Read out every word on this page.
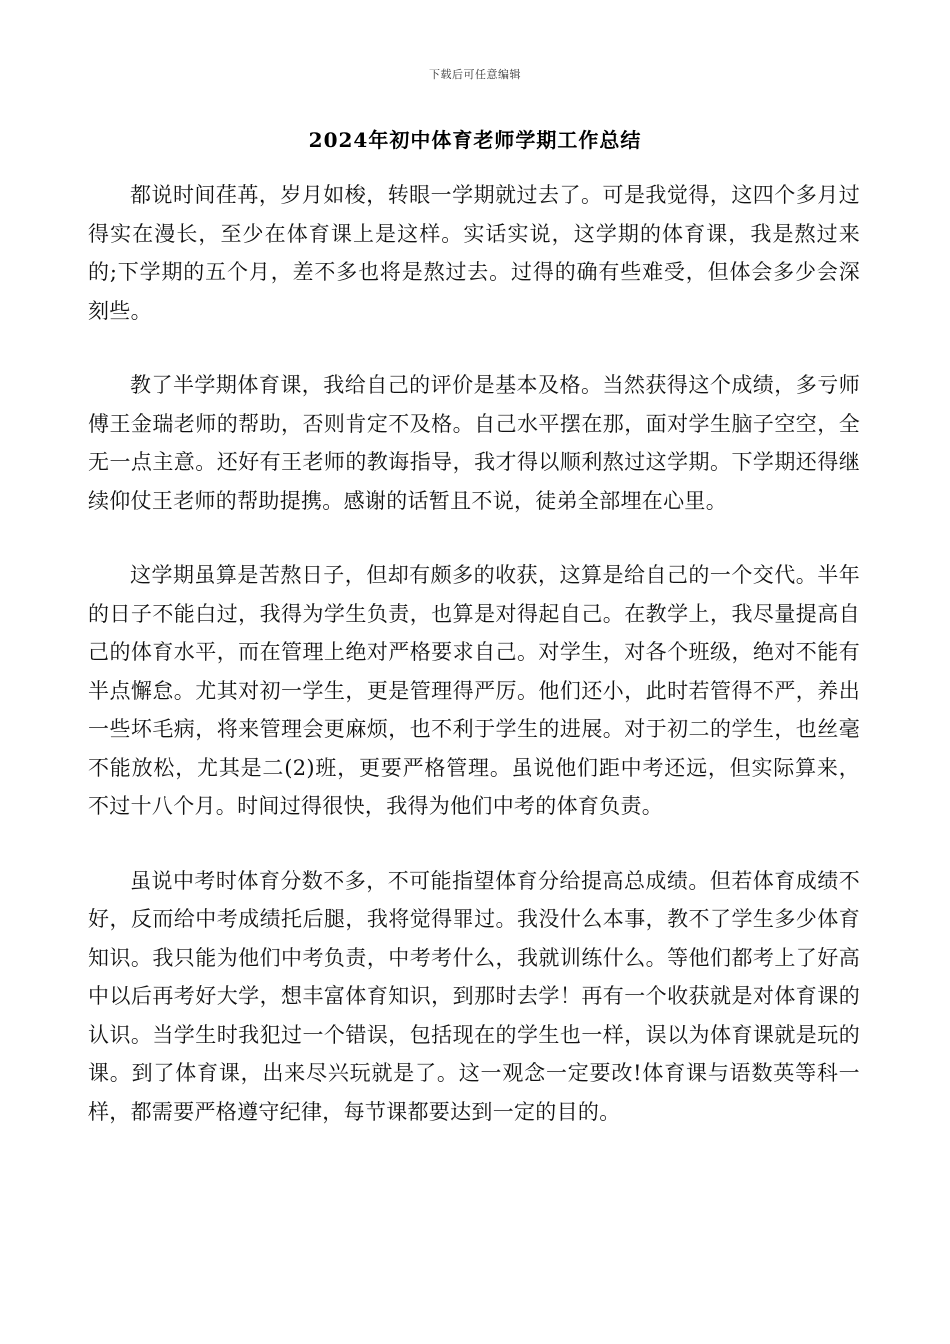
下载后可任意编辑
2024年初中体育老师学期工作总结

都说时间荏苒，岁月如梭，转眼一学期就过去了。可是我觉得，这四个多月过得实在漫长，至少在体育课上是这样。实话实说，这学期的体育课，我是熬过来的;下学期的五个月，差不多也将是熬过去。过得的确有些难受，但体会多少会深刻些。

教了半学期体育课，我给自己的评价是基本及格。当然获得这个成绩，多亏师傅王金瑞老师的帮助，否则肯定不及格。自己水平摆在那，面对学生脑子空空，全无一点主意。还好有王老师的教诲指导，我才得以顺利熬过这学期。下学期还得继续仰仗王老师的帮助提携。感谢的话暂且不说，徒弟全部埋在心里。

这学期虽算是苦熬日子，但却有颇多的收获，这算是给自己的一个交代。半年的日子不能白过，我得为学生负责，也算是对得起自己。在教学上，我尽量提高自己的体育水平，而在管理上绝对严格要求自己。对学生，对各个班级，绝对不能有半点懈怠。尤其对初一学生，更是管理得严厉。他们还小，此时若管得不严，养出一些坏毛病，将来管理会更麻烦，也不利于学生的进展。对于初二的学生，也丝毫不能放松，尤其是二(2)班，更要严格管理。虽说他们距中考还远，但实际算来，不过十八个月。时间过得很快，我得为他们中考的体育负责。

虽说中考时体育分数不多，不可能指望体育分给提高总成绩。但若体育成绩不好，反而给中考成绩托后腿，我将觉得罪过。我没什么本事，教不了学生多少体育知识。我只能为他们中考负责，中考考什么，我就训练什么。等他们都考上了好高中以后再考好大学，想丰富体育知识，到那时去学！再有一个收获就是对体育课的认识。当学生时我犯过一个错误，包括现在的学生也一样，误以为体育课就是玩的课。到了体育课，出来尽兴玩就是了。这一观念一定要改!体育课与语数英等科一样，都需要严格遵守纪律，每节课都要达到一定的目的。
